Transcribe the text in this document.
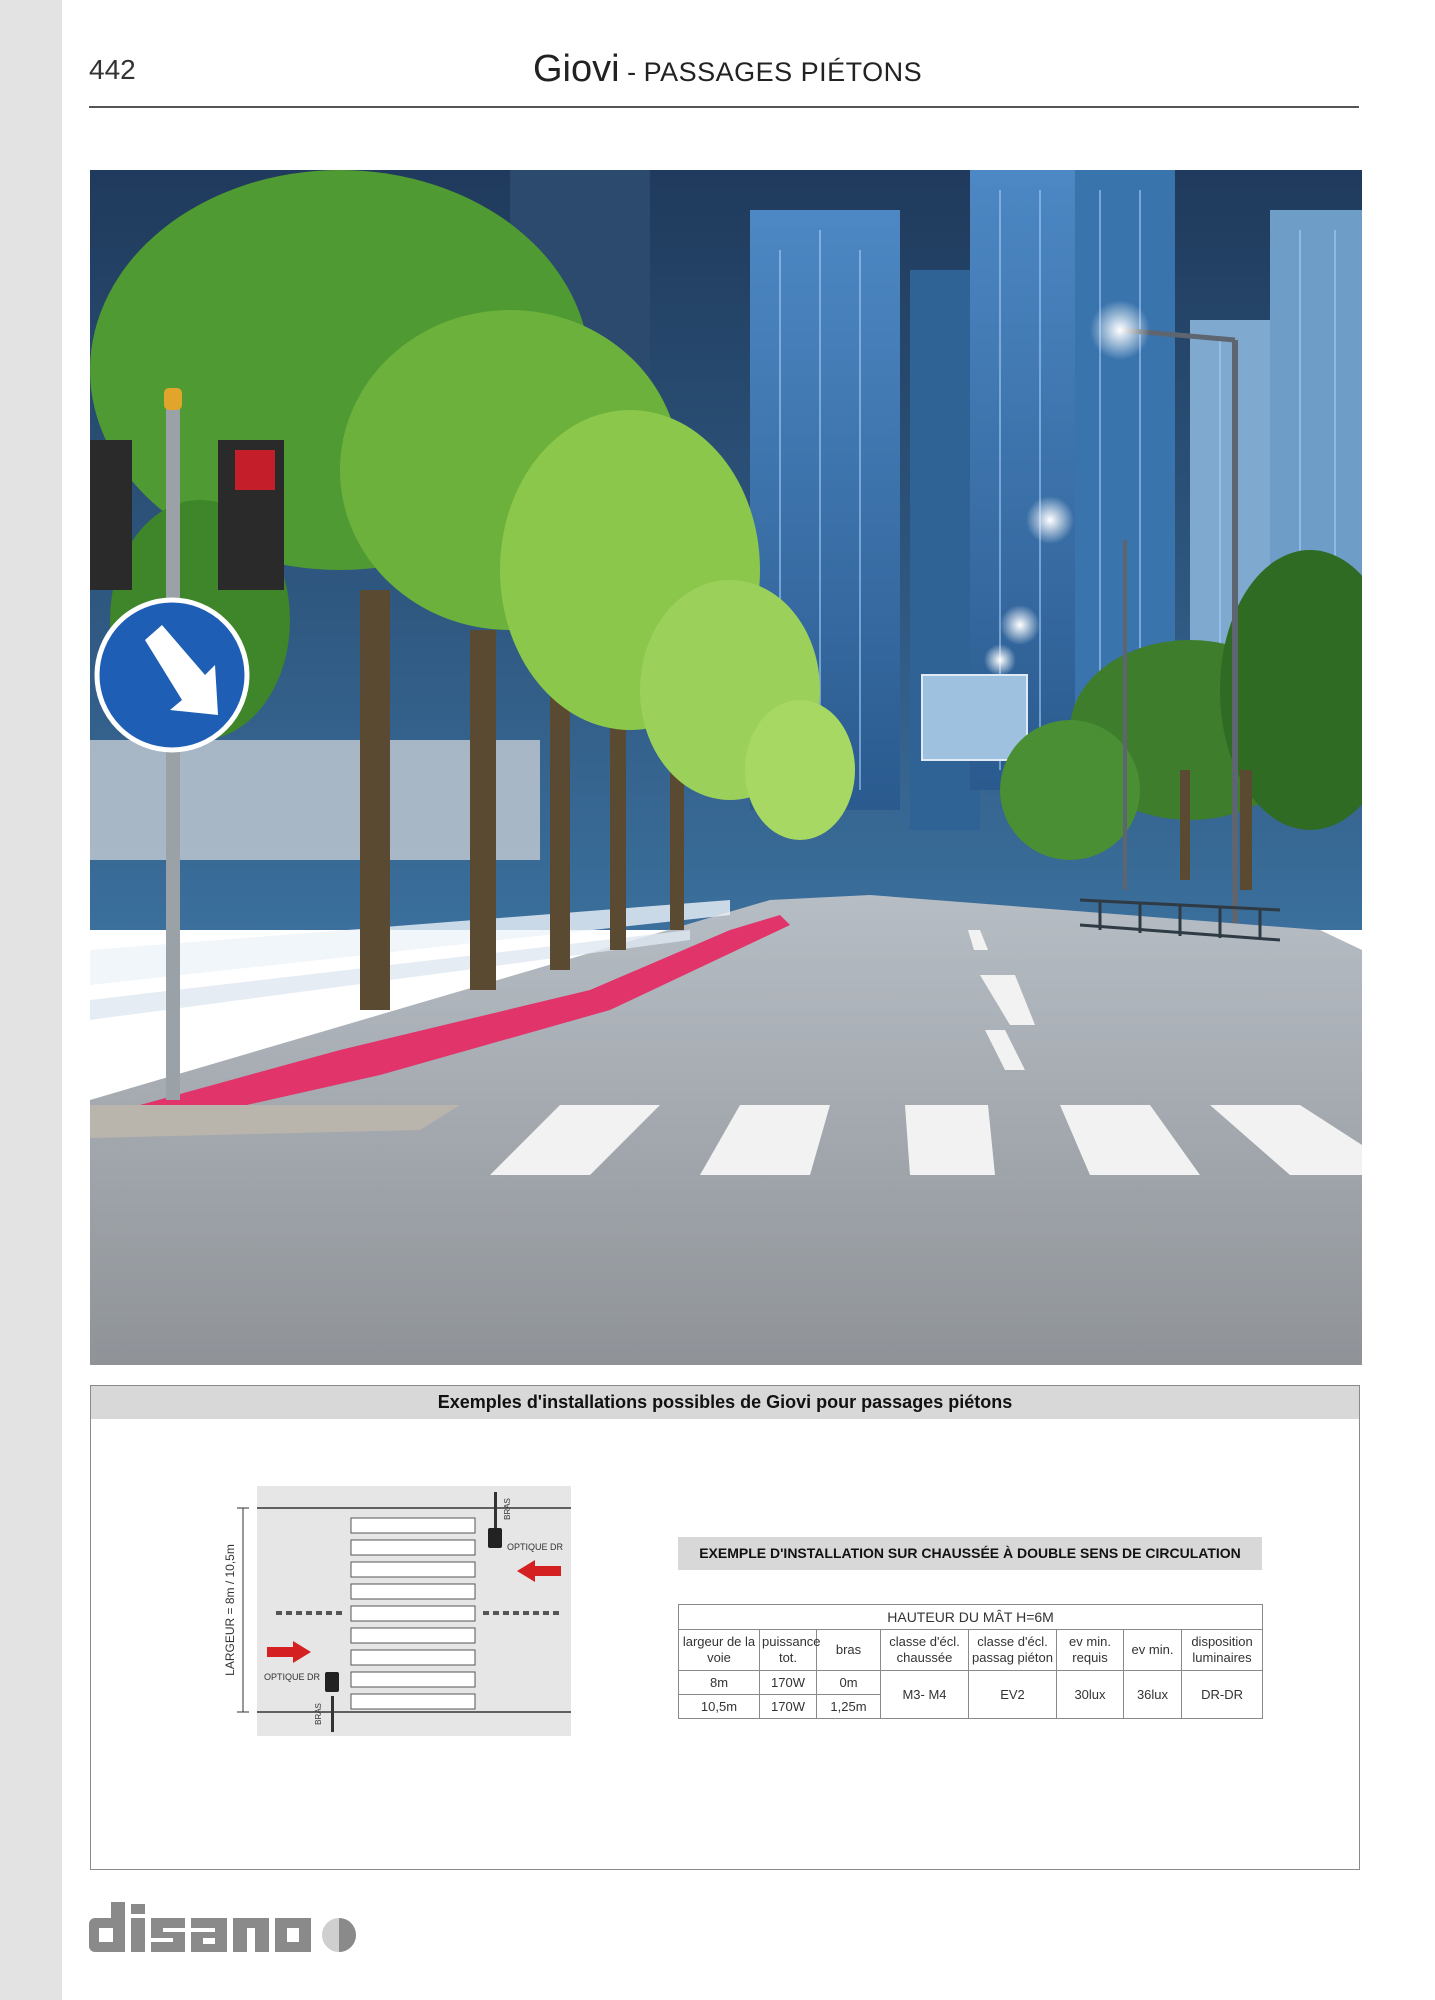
442	Giovi - PASSAGES PIÉTONS
Exemples d'installations possibles de Giovi pour passages piétons
LARGEUR = 8m / 10,5m
BRAS
OPTIQUE DR
BRAS
OPTIQUE DR
EXEMPLE D'INSTALLATION SUR CHAUSSÉE À DOUBLE SENS DE CIRCULATION
HAUTEUR DU MÂT H=6M							
largeur de la voie	puissance tot.	bras	classe d'écl. chaussée	classe d'écl. passag piéton	ev min. requis	ev min.	disposition luminaires
8m	170W	0m	M3- M4	EV2	30lux	36lux	DR-DR
10,5m	170W	1,25m					
